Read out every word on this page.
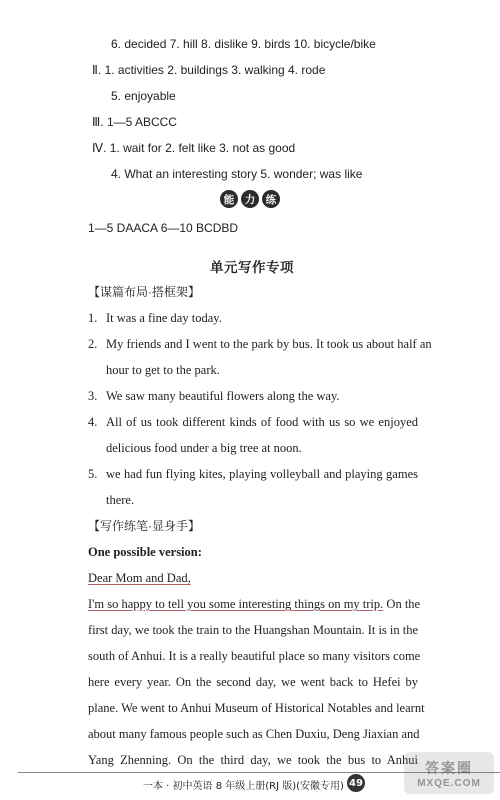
6. decided 7. hill 8. dislike 9. birds 10. bicycle/bike
Ⅱ. 1. activities 2. buildings 3. walking 4. rode
5. enjoyable
Ⅲ. 1—5 ABCCC
Ⅳ. 1. wait for 2. felt like 3. not as good
4. What an interesting story 5. wonder; was like
能	力	练
1—5 DAACA 6—10 BCDBD
单元写作专项
【谋篇布局·搭框架】
1. It was a fine day today.
2. My friends and I went to the park by bus. It took us about half an
hour to get to the park.
3. We saw many beautiful flowers along the way.
4. All of us took different kinds of food with us so we enjoyed
delicious food under a big tree at noon.
5. we had fun flying kites, playing volleyball and playing games
there.
【写作练笔·显身手】
One possible version:
Dear Mom and Dad,
I'm so happy to tell you some interesting things on my trip. On the
first day, we took the train to the Huangshan Mountain. It is in the
south of Anhui. It is a really beautiful place so many visitors come
here every year. On the second day, we went back to Hefei by
plane. We went to Anhui Museum of Historical Notables and learnt
about many famous people such as Chen Duxiu, Deng Jiaxian and
Yang Zhenning. On the third day, we took the bus to Anhui
一本 · 初中英语 8 年级上册(RJ 版)(安徽专用) 49
答案圈
MXQE.COM
